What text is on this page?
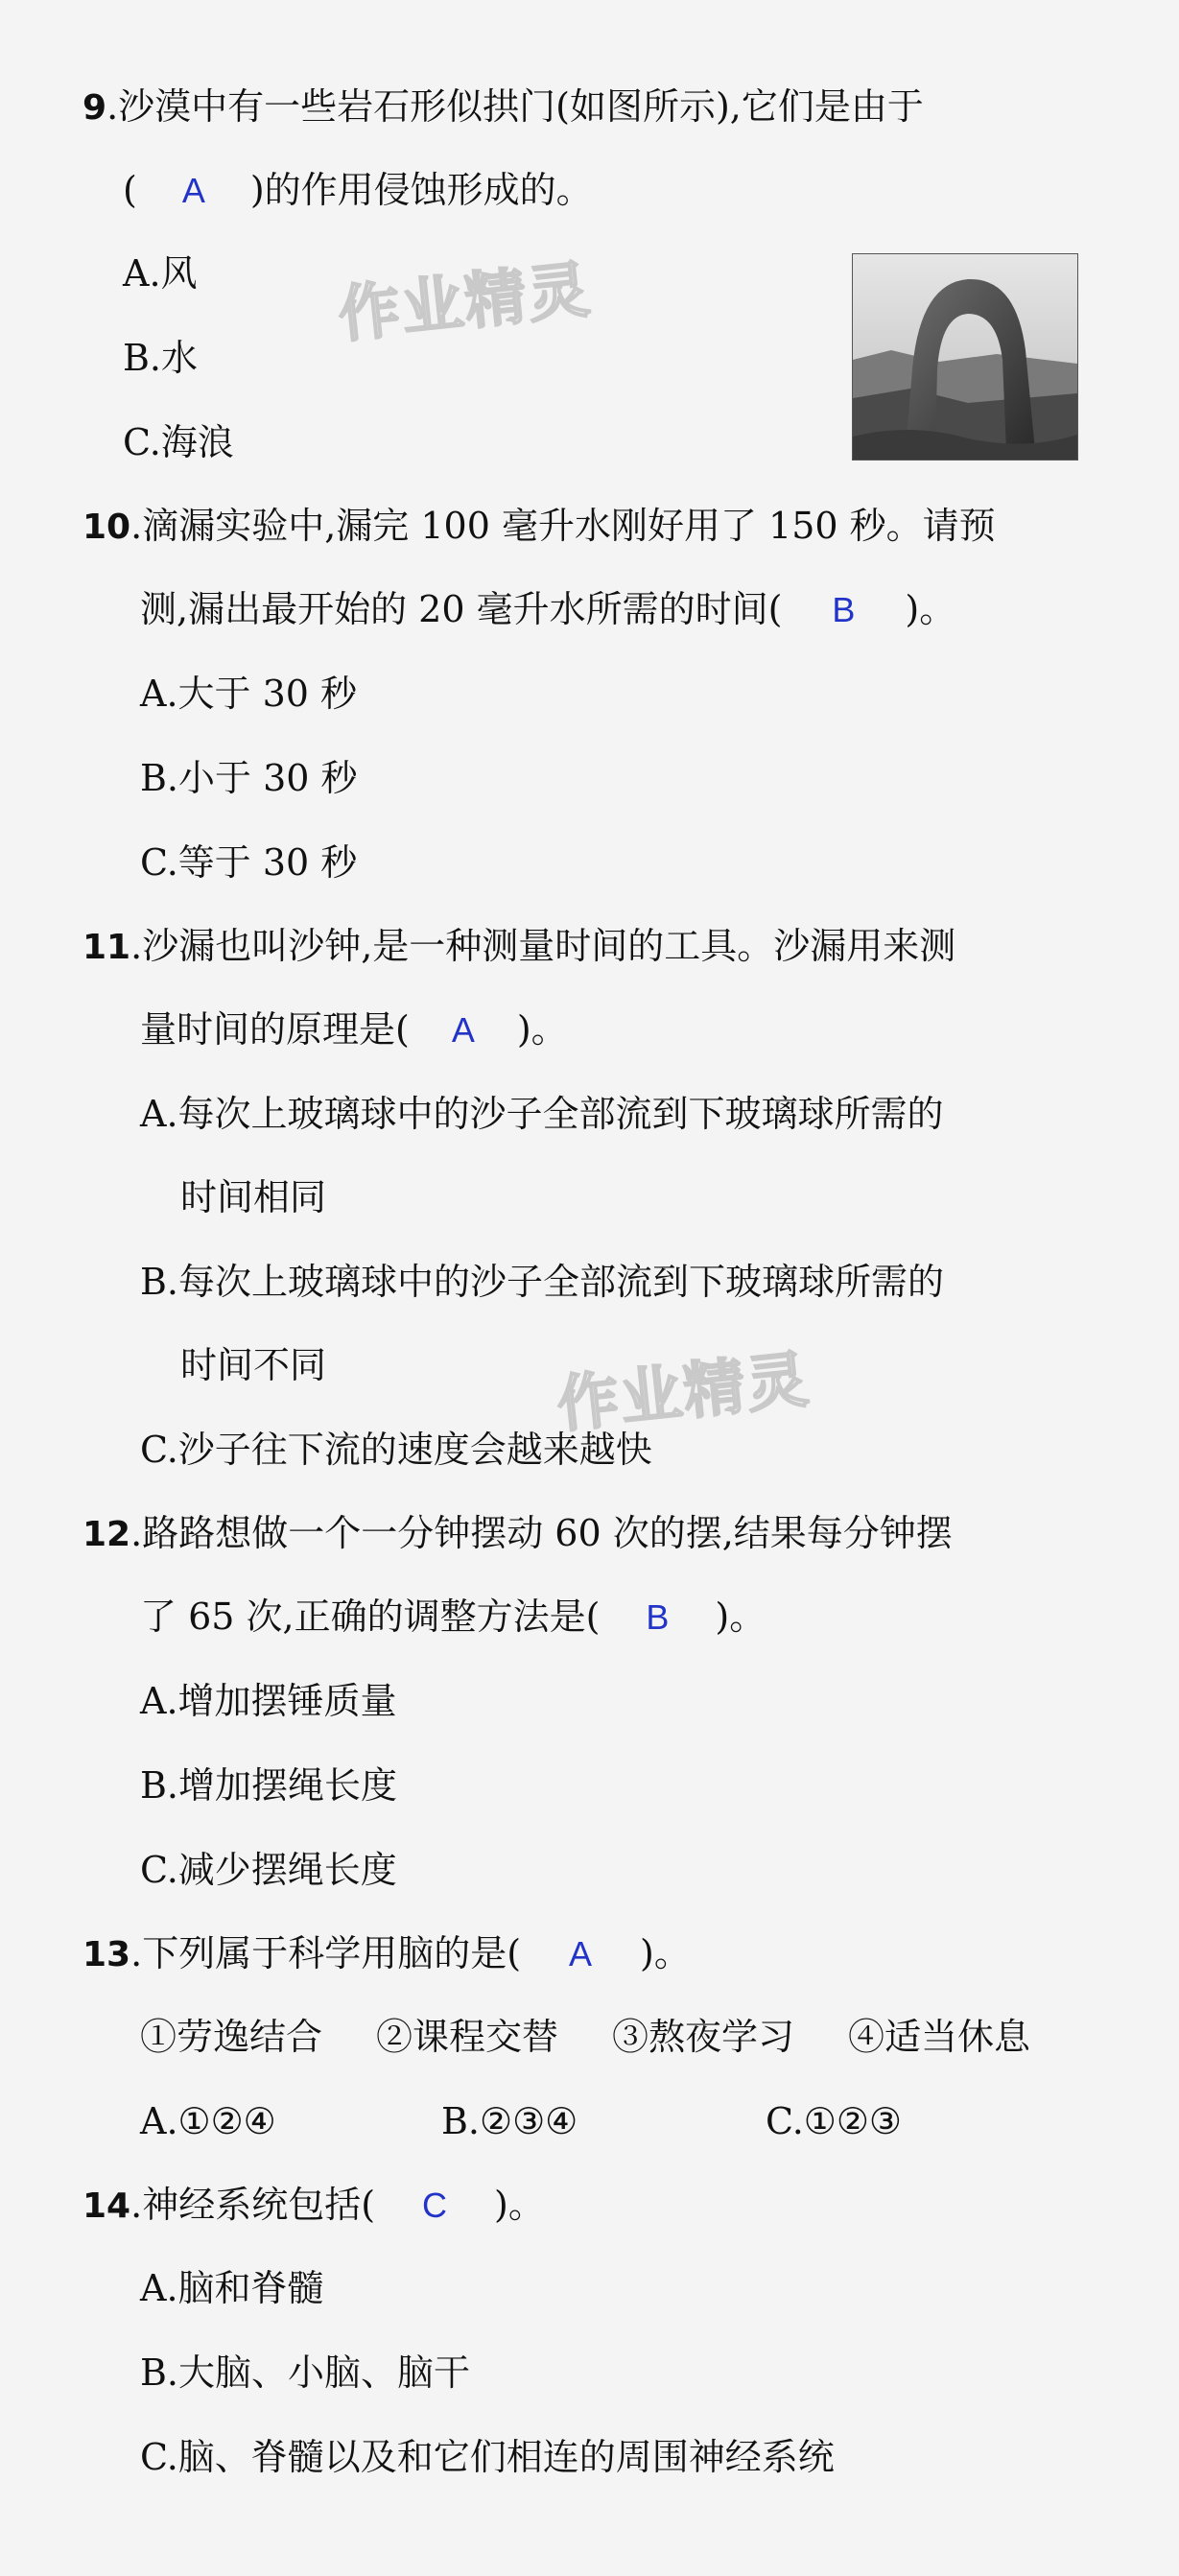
作业精灵
作业精灵
9.沙漠中有一些岩石形似拱门(如图所示),它们是由于
( A )的作用侵蚀形成的。
A.风
B.水
C.海浪
10.滴漏实验中,漏完 100 毫升水刚好用了 150 秒。请预
测,漏出最开始的 20 毫升水所需的时间( B )。
A.大于 30 秒
B.小于 30 秒
C.等于 30 秒
11.沙漏也叫沙钟,是一种测量时间的工具。沙漏用来测
量时间的原理是( A )。
A.每次上玻璃球中的沙子全部流到下玻璃球所需的
时间相同
B.每次上玻璃球中的沙子全部流到下玻璃球所需的
时间不同
C.沙子往下流的速度会越来越快
12.路路想做一个一分钟摆动 60 次的摆,结果每分钟摆
了 65 次,正确的调整方法是( B )。
A.增加摆锤质量
B.增加摆绳长度
C.减少摆绳长度
13.下列属于科学用脑的是( A )。
①劳逸结合 ②课程交替 ③熬夜学习 ④适当休息
A.①②④	B.②③④	C.①②③
14.神经系统包括( C )。
A.脑和脊髓
B.大脑、小脑、脑干
C.脑、脊髓以及和它们相连的周围神经系统
